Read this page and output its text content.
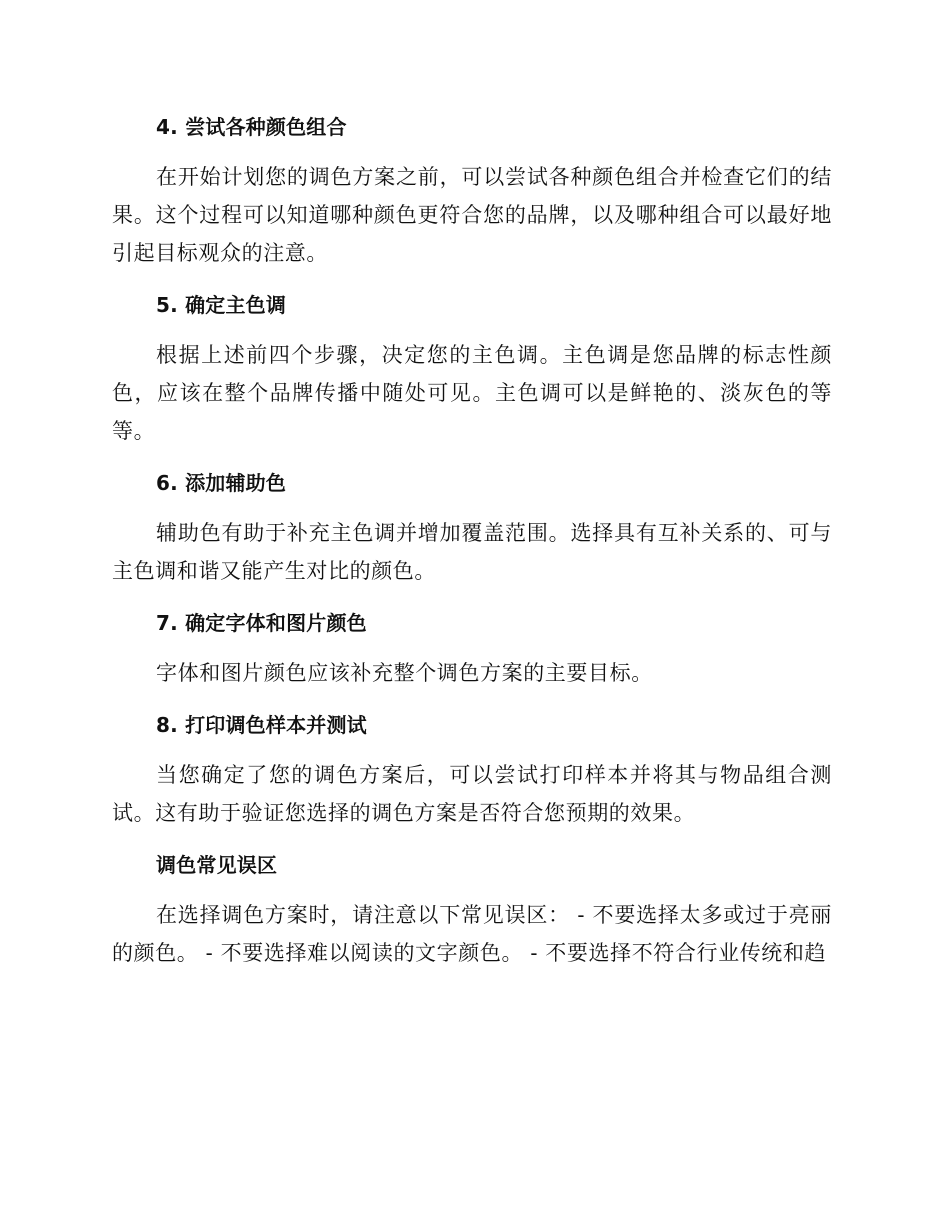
4. 尝试各种颜色组合
在开始计划您的调色方案之前，可以尝试各种颜色组合并检查它们的结果。这个过程可以知道哪种颜色更符合您的品牌，以及哪种组合可以最好地引起目标观众的注意。
5. 确定主色调
根据上述前四个步骤，决定您的主色调。主色调是您品牌的标志性颜色，应该在整个品牌传播中随处可见。主色调可以是鲜艳的、淡灰色的等等。
6. 添加辅助色
辅助色有助于补充主色调并增加覆盖范围。选择具有互补关系的、可与主色调和谐又能产生对比的颜色。
7. 确定字体和图片颜色
字体和图片颜色应该补充整个调色方案的主要目标。
8. 打印调色样本并测试
当您确定了您的调色方案后，可以尝试打印样本并将其与物品组合测试。这有助于验证您选择的调色方案是否符合您预期的效果。
调色常见误区
在选择调色方案时，请注意以下常见误区： - 不要选择太多或过于亮丽的颜色。 - 不要选择难以阅读的文字颜色。 - 不要选择不符合行业传统和趋
